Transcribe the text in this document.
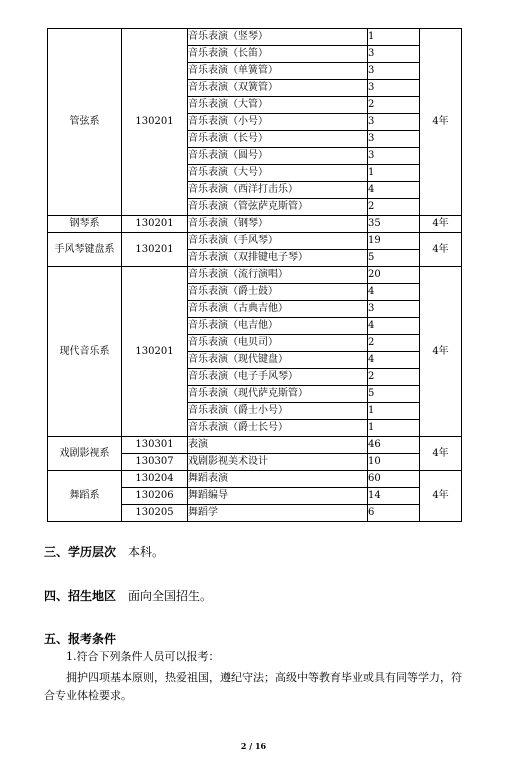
管弦系	130201	音乐表演（竖琴）	1	4年
		音乐表演（长笛）	3	
		音乐表演（单簧管）	3	
		音乐表演（双簧管）	3	
		音乐表演（大管）	2	
		音乐表演（小号）	3	
		音乐表演（长号）	3	
		音乐表演（圆号）	3	
		音乐表演（大号）	1	
		音乐表演（西洋打击乐）	4	
		音乐表演（管弦萨克斯管）	2	
钢琴系	130201	音乐表演（钢琴）	35	4年
手风琴键盘系	130201	音乐表演（手风琴）	19	4年
		音乐表演（双排键电子琴）	5	
现代音乐系	130201	音乐表演（流行演唱）	20	4年
		音乐表演（爵士鼓）	4	
		音乐表演（古典吉他）	3	
		音乐表演（电吉他）	4	
		音乐表演（电贝司）	2	
		音乐表演（现代键盘）	4	
		音乐表演（电子手风琴）	2	
		音乐表演（现代萨克斯管）	5	
		音乐表演（爵士小号）	1	
		音乐表演（爵士长号）	1	
戏剧影视系	130301	表演	46	4年
	130307	戏剧影视美术设计	10	
舞蹈系	130204	舞蹈表演	60	4年
	130206	舞蹈编导	14	
	130205	舞蹈学	6	
三、学历层次 本科。
四、招生地区 面向全国招生。
五、报考条件
1.符合下列条件人员可以报考：
拥护四项基本原则，热爱祖国，遵纪守法；高级中等教育毕业或具有同等学力，符合专业体检要求。
2 / 16
